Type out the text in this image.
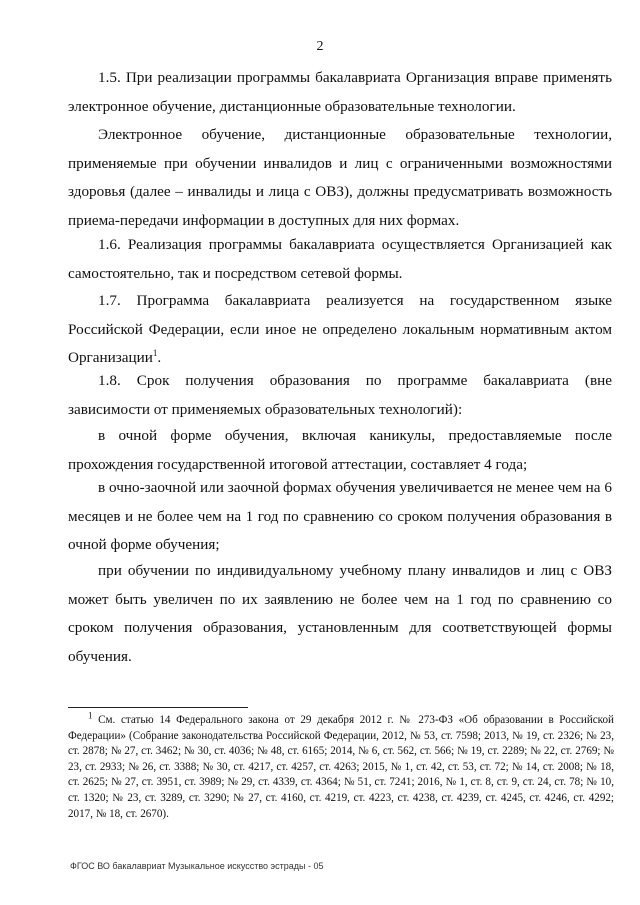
2

1.5. При реализации программы бакалавриата Организация вправе применять электронное обучение, дистанционные образовательные технологии.

Электронное обучение, дистанционные образовательные технологии, применяемые при обучении инвалидов и лиц с ограниченными возможностями здоровья (далее – инвалиды и лица с ОВЗ), должны предусматривать возможность приема-передачи информации в доступных для них формах.

1.6. Реализация программы бакалавриата осуществляется Организацией как самостоятельно, так и посредством сетевой формы.

1.7. Программа бакалавриата реализуется на государственном языке Российской Федерации, если иное не определено локальным нормативным актом Организации$^1$.

1.8. Срок получения образования по программе бакалавриата (вне зависимости от применяемых образовательных технологий):

в очной форме обучения, включая каникулы, предоставляемые после прохождения государственной итоговой аттестации, составляет 4 года;

в очно-заочной или заочной формах обучения увеличивается не менее чем на 6 месяцев и не более чем на 1 год по сравнению со сроком получения образования в очной форме обучения;

при обучении по индивидуальному учебному плану инвалидов и лиц с ОВЗ может быть увеличен по их заявлению не более чем на 1 год по сравнению со сроком получения образования, установленным для соответствующей формы обучения.

$^1$ См. статью 14 Федерального закона от 29 декабря 2012 г. № 273-ФЗ «Об образовании в Российской Федерации» (Собрание законодательства Российской Федерации, 2012, № 53, ст. 7598; 2013, № 19, ст. 2326; № 23, ст. 2878; № 27, ст. 3462; № 30, ст. 4036; № 48, ст. 6165; 2014, № 6, ст. 562, ст. 566; № 19, ст. 2289; № 22, ст. 2769; № 23, ст. 2933; № 26, ст. 3388; № 30, ст. 4217, ст. 4257, ст. 4263; 2015, № 1, ст. 42, ст. 53, ст. 72; № 14, ст. 2008; № 18, ст. 2625; № 27, ст. 3951, ст. 3989; № 29, ст. 4339, ст. 4364; № 51, ст. 7241; 2016, № 1, ст. 8, ст. 9, ст. 24, ст. 78; № 10, ст. 1320; № 23, ст. 3289, ст. 3290; № 27, ст. 4160, ст. 4219, ст. 4223, ст. 4238, ст. 4239, ст. 4245, ст. 4246, ст. 4292; 2017, № 18, ст. 2670).

ФГОС ВО бакалавриат Музыкальное искусство эстрады - 05
